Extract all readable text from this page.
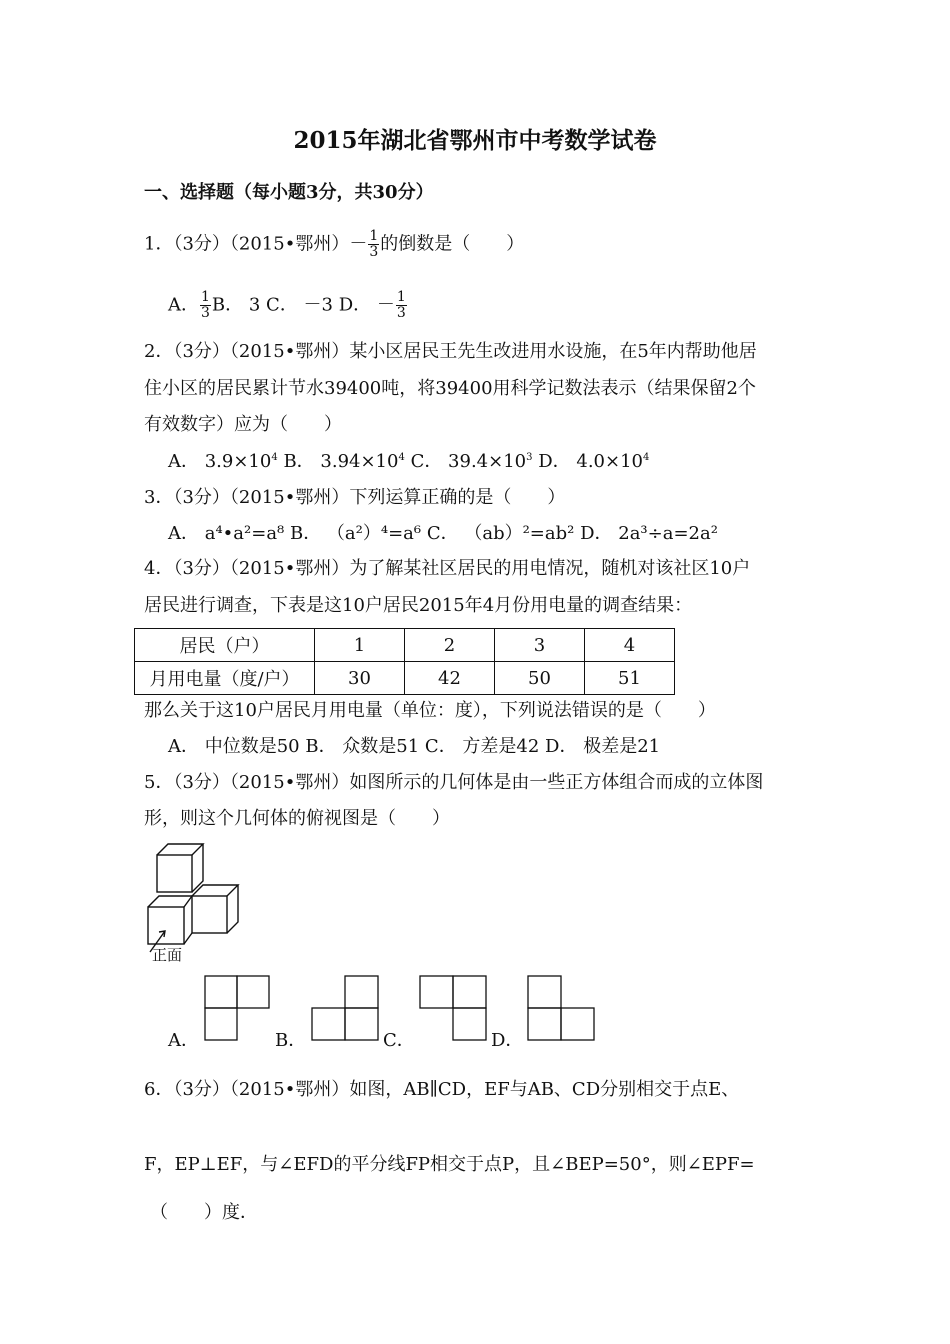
2015年湖北省鄂州市中考数学试卷
一、选择题（每小题3分，共30分）
1．（3分）（2015•鄂州）－ $\frac{1}{3}$ 的倒数是（　　）
A． $\frac{1}{3}$ B． 3 C． －3 D． － $\frac{1}{3}$
2．（3分）（2015•鄂州）某小区居民王先生改进用水设施，在5年内帮助他居
住小区的居民累计节水39400吨，将39400用科学记数法表示（结果保留2个
有效数字）应为（　　）
A． $3.9\times 10^4$ B． $3.94\times 10^4$ C． $39.4\times 10^3$ D． $4.0\times 10^4$
3．（3分）（2015•鄂州）下列运算正确的是（　　）
A． a⁴•a²=a⁸ B． （a²）⁴=a⁶ C． （ab）²=ab² D． 2a³÷a=2a²
4．（3分）（2015•鄂州）为了解某社区居民的用电情况，随机对该社区10户
居民进行调查，下表是这10户居民2015年4月份用电量的调查结果：
居民（户）	1	2	3	4
月用电量（度/户）	30	42	50	51
那么关于这10户居民月用电量（单位：度），下列说法错误的是（　　）
A． 中位数是50 B． 众数是51 C． 方差是42 D． 极差是21
5．（3分）（2015•鄂州）如图所示的几何体是由一些正方体组合而成的立体图
形，则这个几何体的俯视图是（　　）
正面
A．	B．	C．	D．
6．（3分）（2015•鄂州）如图，AB∥CD，EF与AB、CD分别相交于点E、
F，EP⊥EF，与∠EFD的平分线FP相交于点P，且∠BEP=50°，则∠EPF=
（　　）度．
